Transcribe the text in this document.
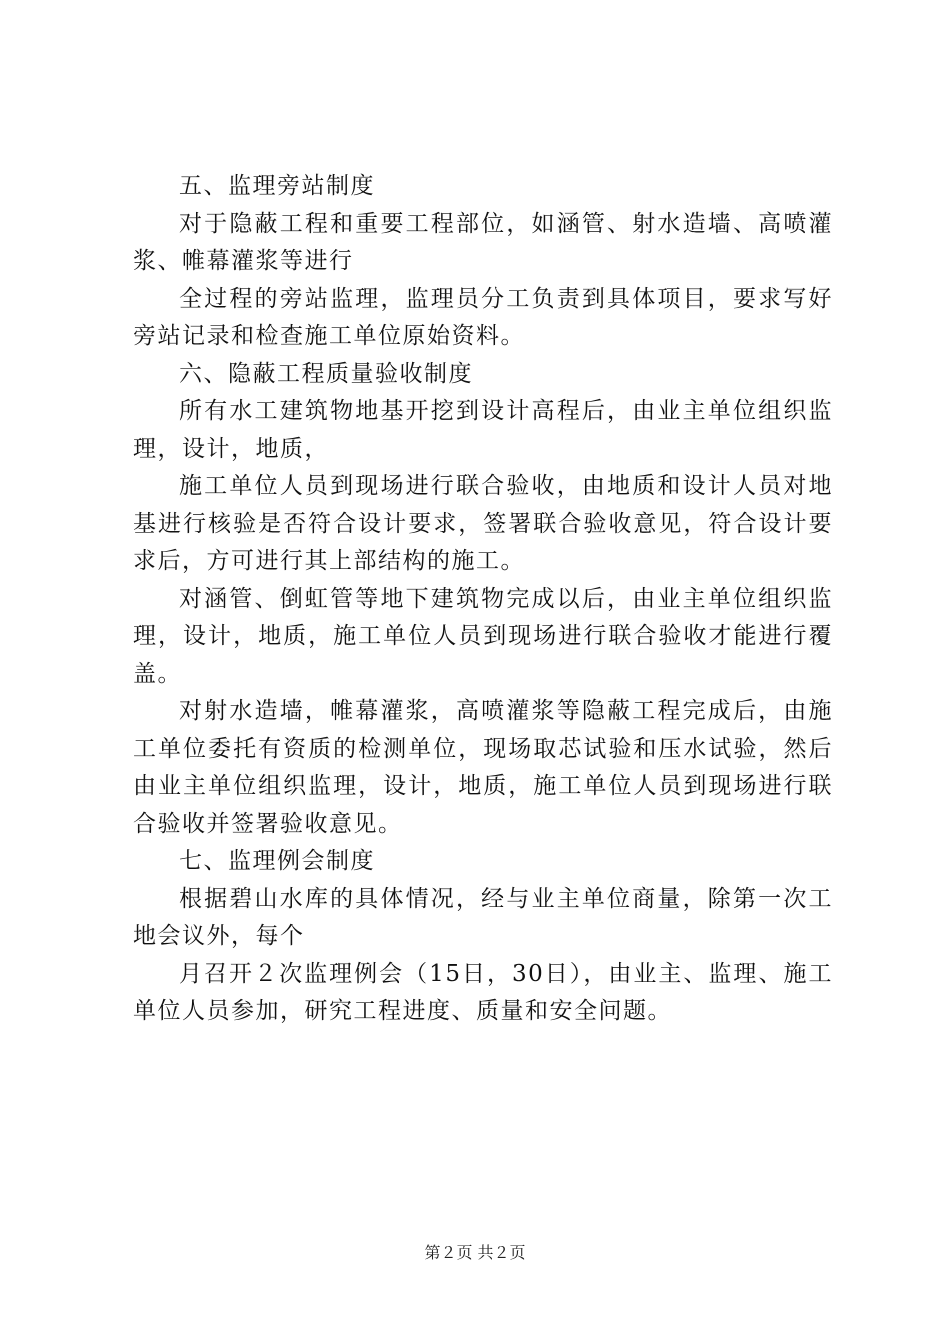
五、监理旁站制度

对于隐蔽工程和重要工程部位，如涵管、射水造墙、高喷灌浆、帷幕灌浆等进行

全过程的旁站监理，监理员分工负责到具体项目，要求写好旁站记录和检查施工单位原始资料。

六、隐蔽工程质量验收制度

所有水工建筑物地基开挖到设计高程后，由业主单位组织监理，设计，地质，

施工单位人员到现场进行联合验收，由地质和设计人员对地基进行核验是否符合设计要求，签署联合验收意见，符合设计要求后，方可进行其上部结构的施工。

对涵管、倒虹管等地下建筑物完成以后，由业主单位组织监理，设计，地质，施工单位人员到现场进行联合验收才能进行覆盖。

对射水造墙，帷幕灌浆，高喷灌浆等隐蔽工程完成后，由施工单位委托有资质的检测单位，现场取芯试验和压水试验，然后由业主单位组织监理，设计，地质，施工单位人员到现场进行联合验收并签署验收意见。

七、监理例会制度

根据碧山水库的具体情况，经与业主单位商量，除第一次工地会议外，每个

月召开２次监理例会（15日，30日），由业主、监理、施工单位人员参加，研究工程进度、质量和安全问题。

第２页 共２页
